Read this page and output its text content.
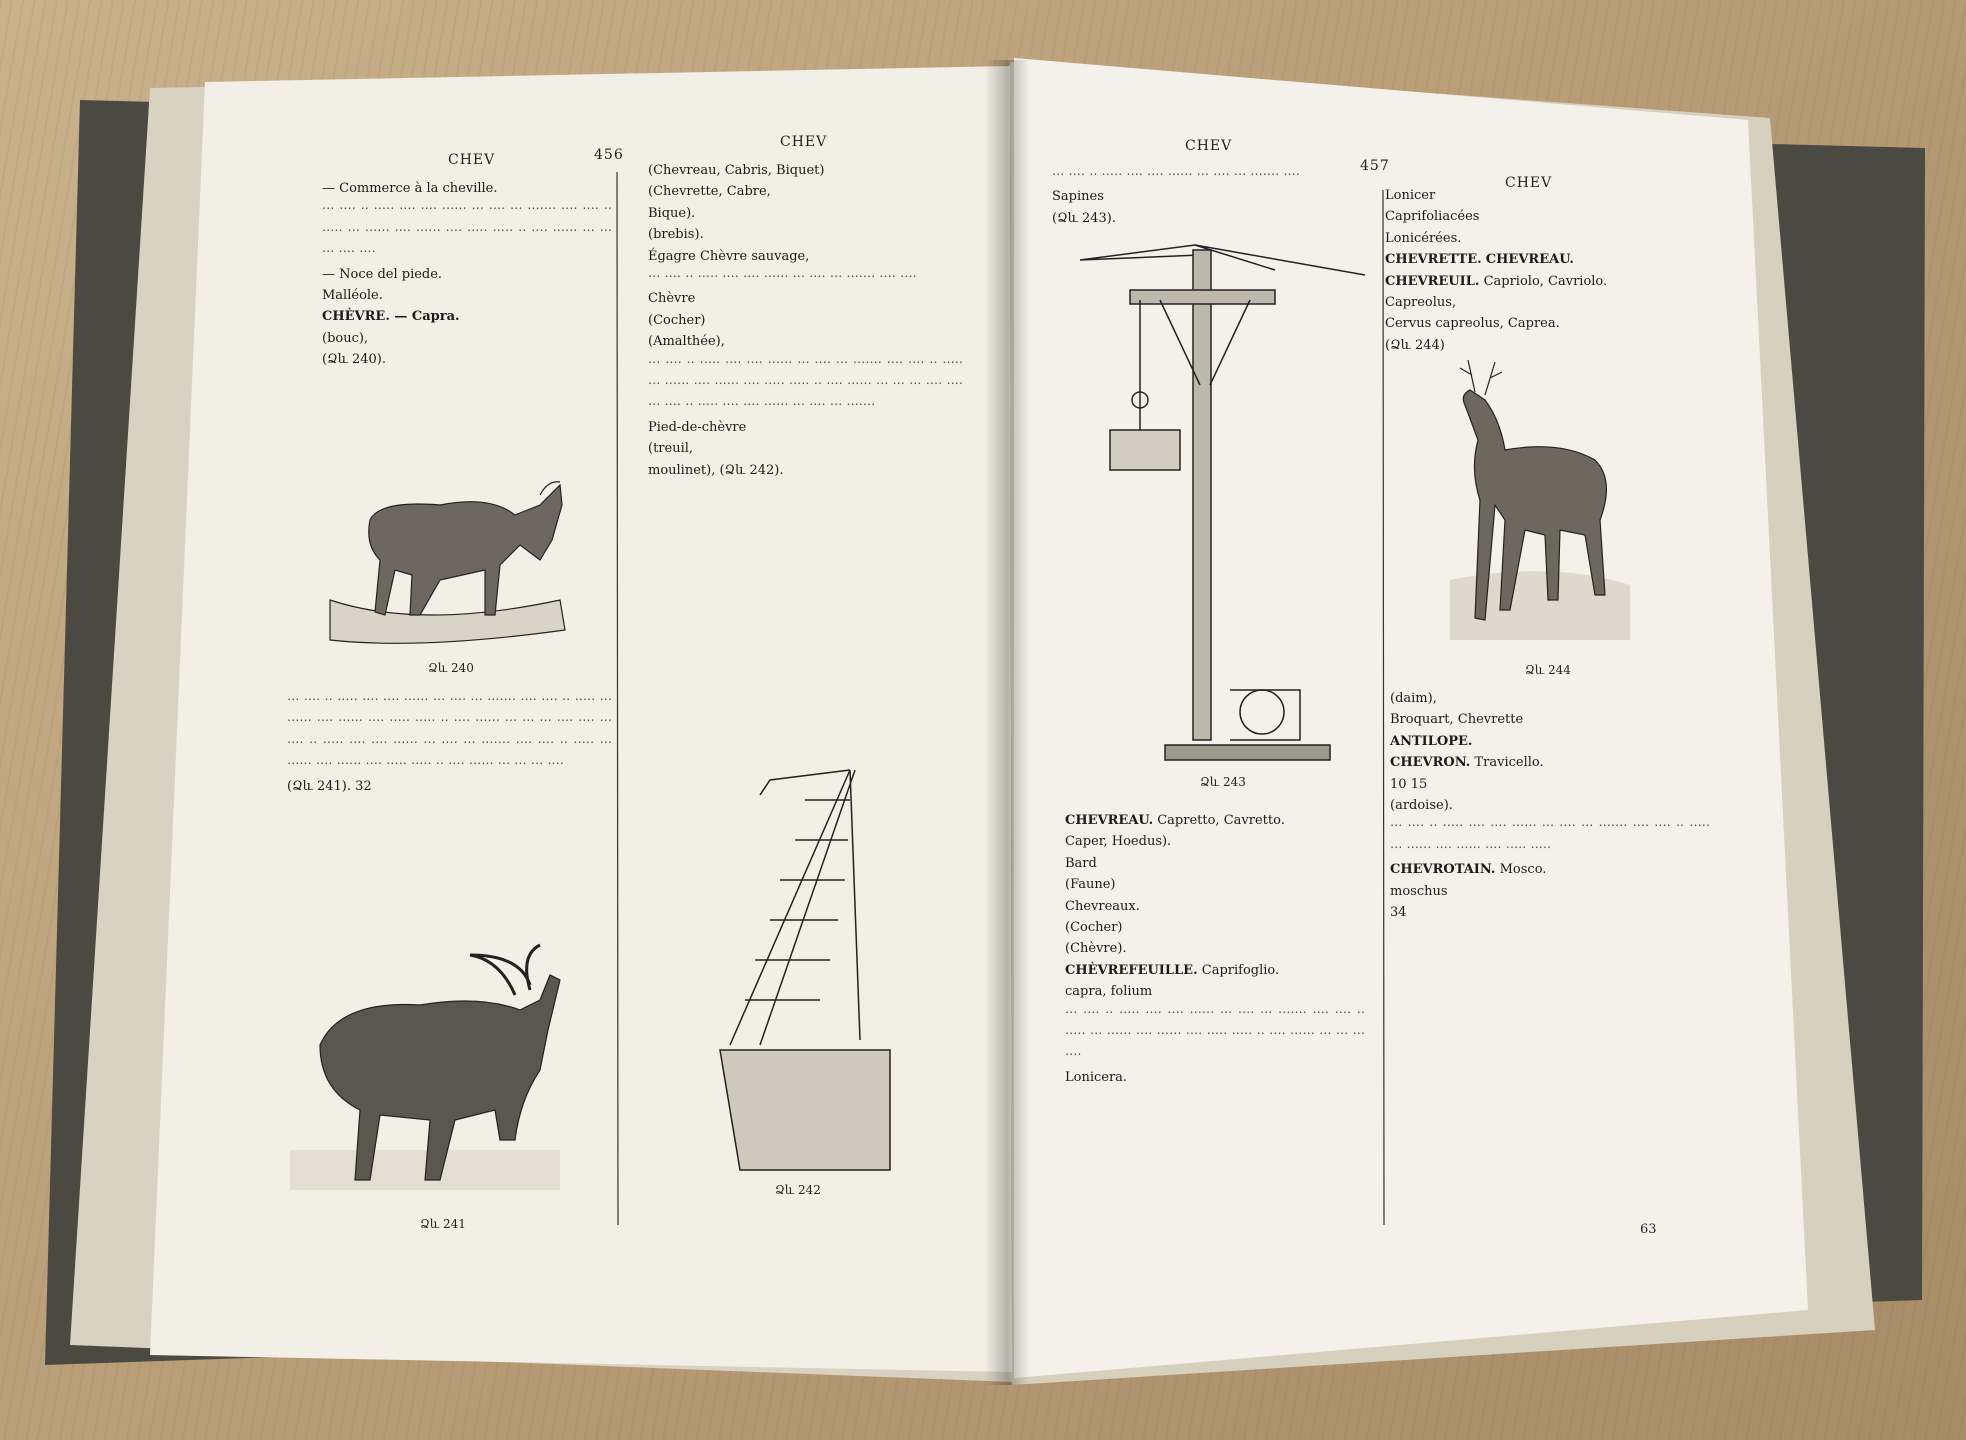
CHEV	456
CHEV	CHEV
457
CHEV

— Commerce à la cheville.

‧‧‧ ‧‧‧‧ ‧‧ ‧‧‧‧‧ ‧‧‧‧ ‧‧‧‧ ‧‧‧‧‧‧ ‧‧‧ ‧‧‧‧ ‧‧‧ ‧‧‧‧‧‧‧ ‧‧‧‧ ‧‧‧‧ ‧‧ ‧‧‧‧‧ ‧‧‧ ‧‧‧‧‧‧ ‧‧‧‧ ‧‧‧‧‧‧ ‧‧‧‧ ‧‧‧‧‧ ‧‧‧‧‧ ‧‧ ‧‧‧‧ ‧‧‧‧‧‧ ‧‧‧ ‧‧‧ ‧‧‧ ‧‧‧‧ ‧‧‧‧

— Noce del piede.

Malléole.

CHÈVRE. — Capra.

(bouc),

(Ձև 240).

Ձև 240

‧‧‧ ‧‧‧‧ ‧‧ ‧‧‧‧‧ ‧‧‧‧ ‧‧‧‧ ‧‧‧‧‧‧ ‧‧‧ ‧‧‧‧ ‧‧‧ ‧‧‧‧‧‧‧ ‧‧‧‧ ‧‧‧‧ ‧‧ ‧‧‧‧‧ ‧‧‧ ‧‧‧‧‧‧ ‧‧‧‧ ‧‧‧‧‧‧ ‧‧‧‧ ‧‧‧‧‧ ‧‧‧‧‧ ‧‧ ‧‧‧‧ ‧‧‧‧‧‧ ‧‧‧ ‧‧‧ ‧‧‧ ‧‧‧‧ ‧‧‧‧ ‧‧‧ ‧‧‧‧ ‧‧ ‧‧‧‧‧ ‧‧‧‧ ‧‧‧‧ ‧‧‧‧‧‧ ‧‧‧ ‧‧‧‧ ‧‧‧ ‧‧‧‧‧‧‧ ‧‧‧‧ ‧‧‧‧ ‧‧ ‧‧‧‧‧ ‧‧‧ ‧‧‧‧‧‧ ‧‧‧‧ ‧‧‧‧‧‧ ‧‧‧‧ ‧‧‧‧‧ ‧‧‧‧‧ ‧‧ ‧‧‧‧ ‧‧‧‧‧‧ ‧‧‧ ‧‧‧ ‧‧‧ ‧‧‧‧

(Ձև 241). 32

Ձև 241

(Chevreau, Cabris, Biquet)

(Chevrette, Cabre,

Bique).

(brebis).

Égagre Chèvre sauvage,

‧‧‧ ‧‧‧‧ ‧‧ ‧‧‧‧‧ ‧‧‧‧ ‧‧‧‧ ‧‧‧‧‧‧ ‧‧‧ ‧‧‧‧ ‧‧‧ ‧‧‧‧‧‧‧ ‧‧‧‧ ‧‧‧‧

Chèvre

(Cocher)

(Amalthée),

‧‧‧ ‧‧‧‧ ‧‧ ‧‧‧‧‧ ‧‧‧‧ ‧‧‧‧ ‧‧‧‧‧‧ ‧‧‧ ‧‧‧‧ ‧‧‧ ‧‧‧‧‧‧‧ ‧‧‧‧ ‧‧‧‧ ‧‧ ‧‧‧‧‧ ‧‧‧ ‧‧‧‧‧‧ ‧‧‧‧ ‧‧‧‧‧‧ ‧‧‧‧ ‧‧‧‧‧ ‧‧‧‧‧ ‧‧ ‧‧‧‧ ‧‧‧‧‧‧ ‧‧‧ ‧‧‧ ‧‧‧ ‧‧‧‧ ‧‧‧‧ ‧‧‧ ‧‧‧‧ ‧‧ ‧‧‧‧‧ ‧‧‧‧ ‧‧‧‧ ‧‧‧‧‧‧ ‧‧‧ ‧‧‧‧ ‧‧‧ ‧‧‧‧‧‧‧

Pied-de-chèvre

(treuil,

moulinet), (Ձև 242).

Ձև 242

‧‧‧ ‧‧‧‧ ‧‧ ‧‧‧‧‧ ‧‧‧‧ ‧‧‧‧ ‧‧‧‧‧‧ ‧‧‧ ‧‧‧‧ ‧‧‧ ‧‧‧‧‧‧‧ ‧‧‧‧

Sapines

(Ձև 243).

Ձև 243

CHEVREAU. Capretto, Cavretto.

Caper, Hoedus).

Bard

(Faune)

Chevreaux.

(Cocher)

(Chèvre).

CHÈVREFEUILLE. Caprifoglio.

capra, folium

‧‧‧ ‧‧‧‧ ‧‧ ‧‧‧‧‧ ‧‧‧‧ ‧‧‧‧ ‧‧‧‧‧‧ ‧‧‧ ‧‧‧‧ ‧‧‧ ‧‧‧‧‧‧‧ ‧‧‧‧ ‧‧‧‧ ‧‧ ‧‧‧‧‧ ‧‧‧ ‧‧‧‧‧‧ ‧‧‧‧ ‧‧‧‧‧‧ ‧‧‧‧ ‧‧‧‧‧ ‧‧‧‧‧ ‧‧ ‧‧‧‧ ‧‧‧‧‧‧ ‧‧‧ ‧‧‧ ‧‧‧ ‧‧‧‧

Lonicera.

Lonicer

Caprifoliacées

Lonicérées.

CHEVRETTE. CHEVREAU.

CHEVREUIL. Capriolo, Cavriolo.

Capreolus,

Cervus capreolus, Caprea.

(Ձև 244)

Ձև 244

(daim),

Broquart, Chevrette

ANTILOPE.

CHEVRON. Travicello.

10 15

(ardoise).

‧‧‧ ‧‧‧‧ ‧‧ ‧‧‧‧‧ ‧‧‧‧ ‧‧‧‧ ‧‧‧‧‧‧ ‧‧‧ ‧‧‧‧ ‧‧‧ ‧‧‧‧‧‧‧ ‧‧‧‧ ‧‧‧‧ ‧‧ ‧‧‧‧‧ ‧‧‧ ‧‧‧‧‧‧ ‧‧‧‧ ‧‧‧‧‧‧ ‧‧‧‧ ‧‧‧‧‧ ‧‧‧‧‧

CHEVROTAIN. Mosco.

moschus

34

63
